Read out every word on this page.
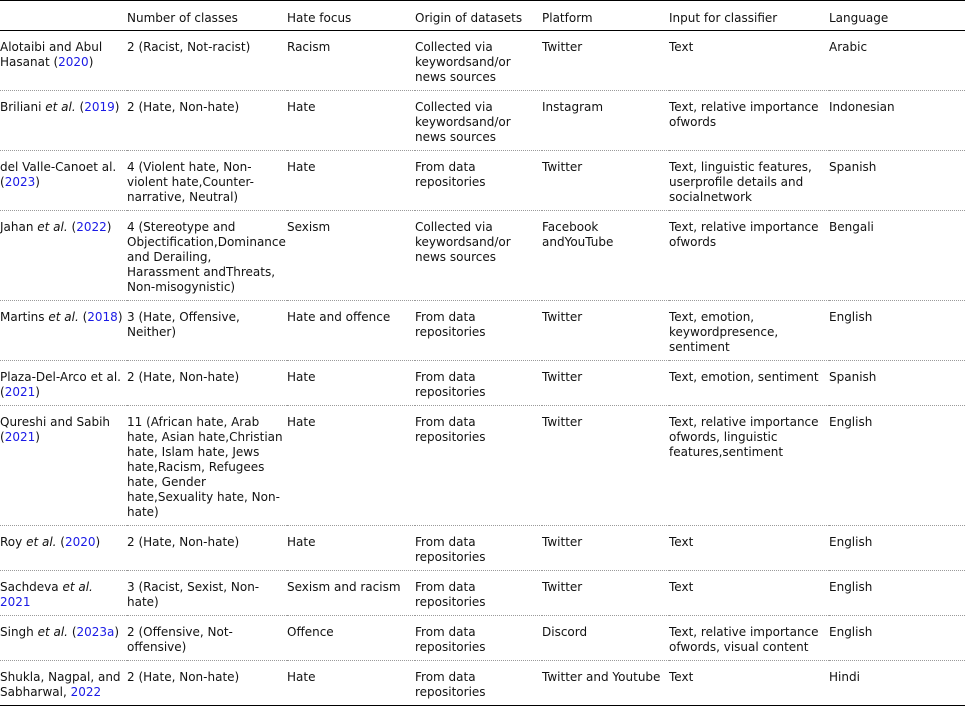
	Number of classes	Hate focus	Origin of datasets	Platform	Input for classifier	Language
Alotaibi and Abul Hasanat (2020)	2 (Racist, Not-racist)	Racism	Collected via keywordsand/or news sources	Twitter	Text	Arabic
Briliani et al. (2019)	2 (Hate, Non-hate)	Hate	Collected via keywordsand/or news sources	Instagram	Text, relative importance ofwords	Indonesian
del Valle-Canoet al. (2023)	4 (Violent hate, Non-violent hate,Counter-narrative, Neutral)	Hate	From data repositories	Twitter	Text, linguistic features, userprofile details and socialnetwork	Spanish
Jahan et al. (2022)	4 (Stereotype and Objectification,Dominance and Derailing, Harassment andThreats, Non-misogynistic)	Sexism	Collected via keywordsand/or news sources	Facebook andYouTube	Text, relative importance ofwords	Bengali
Martins et al. (2018)	3 (Hate, Offensive, Neither)	Hate and offence	From data repositories	Twitter	Text, emotion, keywordpresence, sentiment	English
Plaza-Del-Arco et al. (2021)	2 (Hate, Non-hate)	Hate	From data repositories	Twitter	Text, emotion, sentiment	Spanish
Qureshi and Sabih (2021)	11 (African hate, Arab hate, Asian hate,Christian hate, Islam hate, Jews hate,Racism, Refugees hate, Gender hate,Sexuality hate, Non-hate)	Hate	From data repositories	Twitter	Text, relative importance ofwords, linguistic features,sentiment	English
Roy et al. (2020)	2 (Hate, Non-hate)	Hate	From data repositories	Twitter	Text	English
Sachdeva et al. 2021	3 (Racist, Sexist, Non-hate)	Sexism and racism	From data repositories	Twitter	Text	English
Singh et al. (2023a)	2 (Offensive, Not-offensive)	Offence	From data repositories	Discord	Text, relative importance ofwords, visual content	English
Shukla, Nagpal, and Sabharwal, 2022	2 (Hate, Non-hate)	Hate	From data repositories	Twitter and Youtube	Text	Hindi
